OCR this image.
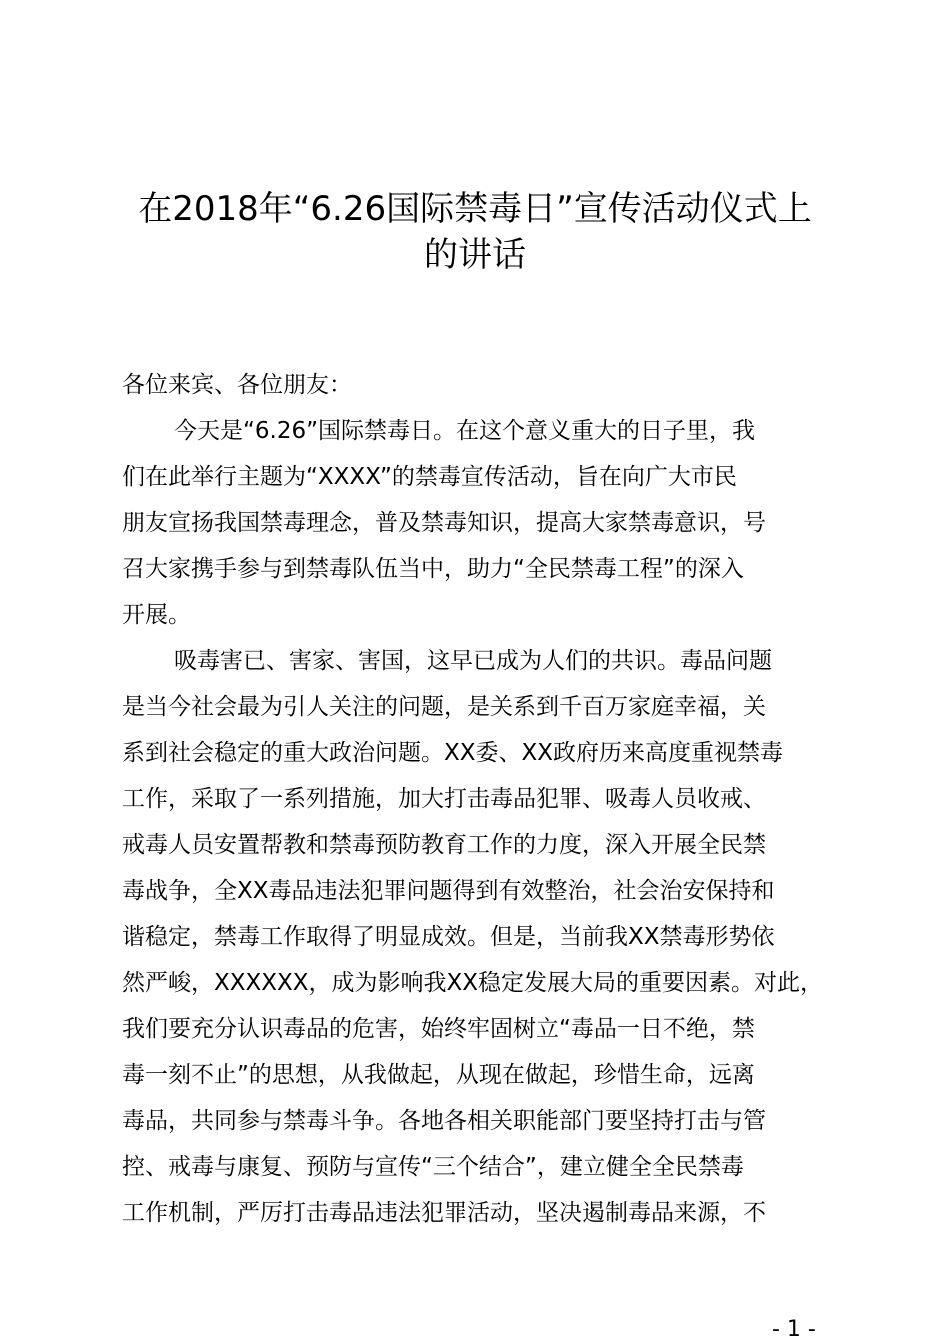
在2018年“6.26国际禁毒日”宣传活动仪式上
的讲话
各位来宾、各位朋友：
今天是“6.26”国际禁毒日。在这个意义重大的日子里，我
们在此举行主题为“XXXX”的禁毒宣传活动，旨在向广大市民
朋友宣扬我国禁毒理念，普及禁毒知识，提高大家禁毒意识，号
召大家携手参与到禁毒队伍当中，助力“全民禁毒工程”的深入
开展。
吸毒害已、害家、害国，这早已成为人们的共识。毒品问题
是当今社会最为引人关注的问题，是关系到千百万家庭幸福，关
系到社会稳定的重大政治问题。XX委、XX政府历来高度重视禁毒
工作，采取了一系列措施，加大打击毒品犯罪、吸毒人员收戒、
戒毒人员安置帮教和禁毒预防教育工作的力度，深入开展全民禁
毒战争，全XX毒品违法犯罪问题得到有效整治，社会治安保持和
谐稳定，禁毒工作取得了明显成效。但是，当前我XX禁毒形势依
然严峻，XXXXXX，成为影响我XX稳定发展大局的重要因素。对此，
我们要充分认识毒品的危害，始终牢固树立“毒品一日不绝，禁
毒一刻不止”的思想，从我做起，从现在做起，珍惜生命，远离
毒品，共同参与禁毒斗争。各地各相关职能部门要坚持打击与管
控、戒毒与康复、预防与宣传“三个结合”，建立健全全民禁毒
工作机制，严厉打击毒品违法犯罪活动，坚决遏制毒品来源，不
- 1 -
